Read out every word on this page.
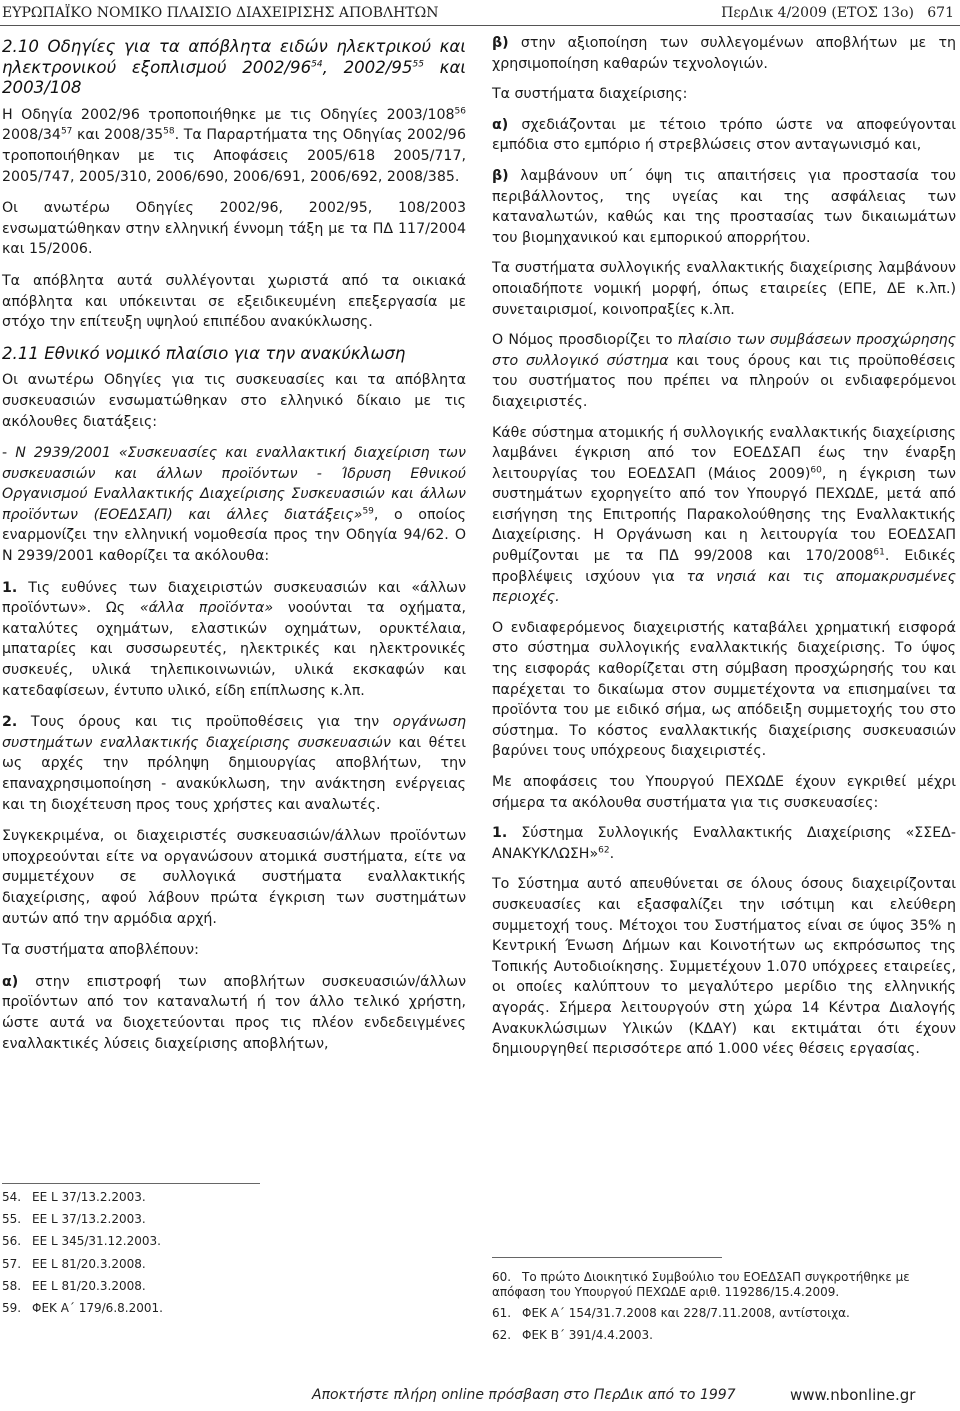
ΕΥΡΩΠΑΪΚΟ ΝΟΜΙΚΟ ΠΛΑΙΣΙΟ ΔΙΑΧΕΙΡΙΣΗΣ ΑΠΟΒΛΗΤΩΝ	ΠερΔικ 4/2009 (ΕΤΟΣ 13ο) 671
2.10 Οδηγίες για τα απόβλητα ειδών ηλεκτρικού και ηλεκτρονικού εξοπλισμού $2002/96^{54}$, $2002/95^{55}$ και 2003/108

Η Οδηγία 2002/96 τροποποιήθηκε με τις Οδηγίες $2003/108^{56}$ $2008/34^{57}$ και $2008/35^{58}$. Τα Παραρτήματα της Οδηγίας 2002/96 τροποποιήθηκαν με τις Αποφάσεις 2005/618 2005/717, 2005/747, 2005/310, 2006/690, 2006/691, 2006/692, 2008/385.

Οι ανωτέρω Οδηγίες 2002/96, 2002/95, 108/2003 ενσωματώθηκαν στην ελληνική έννομη τάξη με τα ΠΔ 117/2004 και 15/2006.

Τα απόβλητα αυτά συλλέγονται χωριστά από τα οικιακά απόβλητα και υπόκεινται σε εξειδικευμένη επεξεργασία με στόχο την επίτευξη υψηλού επιπέδου ανακύκλωσης.

2.11 Εθνικό νομικό πλαίσιο για την ανακύκλωση

Οι ανωτέρω Οδηγίες για τις συσκευασίες και τα απόβλητα συσκευασιών ενσωματώθηκαν στο ελληνικό δίκαιο με τις ακόλουθες διατάξεις:

- Ν 2939/2001 «Συσκευασίες και εναλλακτική διαχείριση των συσκευασιών και άλλων προϊόντων - Ίδρυση Εθνικού Οργανισμού Εναλλακτικής Διαχείρισης Συσκευασιών και άλλων προϊόντων (ΕΟΕΔΣΑΠ) και άλλες διατάξεις»$^{59}$, ο οποίος εναρμονίζει την ελληνική νομοθεσία προς την Οδηγία 94/62. Ο Ν 2939/2001 καθορίζει τα ακόλουθα:

1. Τις ευθύνες των διαχειριστών συσκευασιών και «άλλων προϊόντων». Ως «άλλα προϊόντα» νοούνται τα οχήματα, καταλύτες οχημάτων, ελαστικών οχημάτων, ορυκτέλαια, μπαταρίες και συσσωρευτές, ηλεκτρικές και ηλεκτρονικές συσκευές, υλικά τηλεπικοινωνιών, υλικά εκσκαφών και κατεδαφίσεων, έντυπο υλικό, είδη επίπλωσης κ.λπ.

2. Τους όρους και τις προϋποθέσεις για την οργάνωση συστημάτων εναλλακτικής διαχείρισης συσκευασιών και θέτει ως αρχές την πρόληψη δημιουργίας αποβλήτων, την επαναχρησιμοποίηση - ανακύκλωση, την ανάκτηση ενέργειας και τη διοχέτευση προς τους χρήστες και αναλωτές.

Συγκεκριμένα, οι διαχειριστές συσκευασιών/άλλων προϊόντων υποχρεούνται είτε να οργανώσουν ατομικά συστήματα, είτε να συμμετέχουν σε συλλογικά συστήματα εναλλακτικής διαχείρισης, αφού λάβουν πρώτα έγκριση των συστημάτων αυτών από την αρμόδια αρχή.

Τα συστήματα αποβλέπουν:

α) στην επιστροφή των αποβλήτων συσκευασιών/άλλων προϊόντων από τον καταναλωτή ή τον άλλο τελικό χρήστη, ώστε αυτά να διοχετεύονται προς τις πλέον ενδεδειγμένες εναλλακτικές λύσεις διαχείρισης αποβλήτων,

β) στην αξιοποίηση των συλλεγομένων αποβλήτων με τη χρησιμοποίηση καθαρών τεχνολογιών.

Τα συστήματα διαχείρισης:

α) σχεδιάζονται με τέτοιο τρόπο ώστε να αποφεύγονται εμπόδια στο εμπόριο ή στρεβλώσεις στον ανταγωνισμό και,

β) λαμβάνουν υπ΄ όψη τις απαιτήσεις για προστασία του περιβάλλοντος, της υγείας και της ασφάλειας των καταναλωτών, καθώς και της προστασίας των δικαιωμάτων του βιομηχανικού και εμπορικού απορρήτου.

Τα συστήματα συλλογικής εναλλακτικής διαχείρισης λαμβάνουν οποιαδήποτε νομική μορφή, όπως εταιρείες (ΕΠΕ, ΔΕ κ.λπ.) συνεταιρισμοί, κοινοπραξίες κ.λπ.

Ο Νόμος προσδιορίζει το πλαίσιο των συμβάσεων προσχώρησης στο συλλογικό σύστημα και τους όρους και τις προϋποθέσεις του συστήματος που πρέπει να πληρούν οι ενδιαφερόμενοι διαχειριστές.

Κάθε σύστημα ατομικής ή συλλογικής εναλλακτικής διαχείρισης λαμβάνει έγκριση από τον ΕΟΕΔΣΑΠ έως την έναρξη λειτουργίας του ΕΟΕΔΣΑΠ (Μάιος 2009)$^{60}$, η έγκριση των συστημάτων εχορηγείτο από τον Υπουργό ΠΕΧΩΔΕ, μετά από εισήγηση της Επιτροπής Παρακολούθησης της Εναλλακτικής Διαχείρισης. Η Οργάνωση και η λειτουργία του ΕΟΕΔΣΑΠ ρυθμίζονται με τα ΠΔ 99/2008 και 170/2008$^{61}$. Ειδικές προβλέψεις ισχύουν για τα νησιά και τις απομακρυσμένες περιοχές.

Ο ενδιαφερόμενος διαχειριστής καταβάλει χρηματική εισφορά στο σύστημα συλλογικής εναλλακτικής διαχείρισης. Το ύψος της εισφοράς καθορίζεται στη σύμβαση προσχώρησής του και παρέχεται το δικαίωμα στον συμμετέχοντα να επισημαίνει τα προϊόντα του με ειδικό σήμα, ως απόδειξη συμμετοχής του στο σύστημα. Το κόστος εναλλακτικής διαχείρισης συσκευασιών βαρύνει τους υπόχρεους διαχειριστές.

Με αποφάσεις του Υπουργού ΠΕΧΩΔΕ έχουν εγκριθεί μέχρι σήμερα τα ακόλουθα συστήματα για τις συσκευασίες:

1. Σύστημα Συλλογικής Εναλλακτικής Διαχείρισης «ΣΣΕΔ-ΑΝΑΚΥΚΛΩΣΗ»$^{62}$.

Το Σύστημα αυτό απευθύνεται σε όλους όσους διαχειρίζονται συσκευασίες και εξασφαλίζει την ισότιμη και ελεύθερη συμμετοχή τους. Μέτοχοι του Συστήματος είναι σε ύψος 35% η Κεντρική Ένωση Δήμων και Κοινοτήτων ως εκπρόσωπος της Τοπικής Αυτοδιοίκησης. Συμμετέχουν 1.070 υπόχρεες εταιρείες, οι οποίες καλύπτουν το μεγαλύτερο μερίδιο της ελληνικής αγοράς. Σήμερα λειτουργούν στη χώρα 14 Κέντρα Διαλογής Ανακυκλώσιμων Υλικών (ΚΔΑΥ) και εκτιμάται ότι έχουν δημιουργηθεί περισσότερε από 1.000 νέες θέσεις εργασίας.

54. ΕΕ L 37/13.2.2003.
55. ΕΕ L 37/13.2.2003.
56. ΕΕ L 345/31.12.2003.
57. ΕΕ L 81/20.3.2008.
58. ΕΕ L 81/20.3.2008.
59. ΦΕΚ Α΄ 179/6.8.2001.
60. Το πρώτο Διοικητικό Συμβούλιο του ΕΟΕΔΣΑΠ συγκροτήθηκε με απόφαση του Υπουργού ΠΕΧΩΔΕ αριθ. 119286/15.4.2009.
61. ΦΕΚ Α΄ 154/31.7.2008 και 228/7.11.2008, αντίστοιχα.
62. ΦΕΚ Β΄ 391/4.4.2003.
Αποκτήστε πλήρη online πρόσβαση στο ΠερΔικ από το 1997	www.nbonline.gr
